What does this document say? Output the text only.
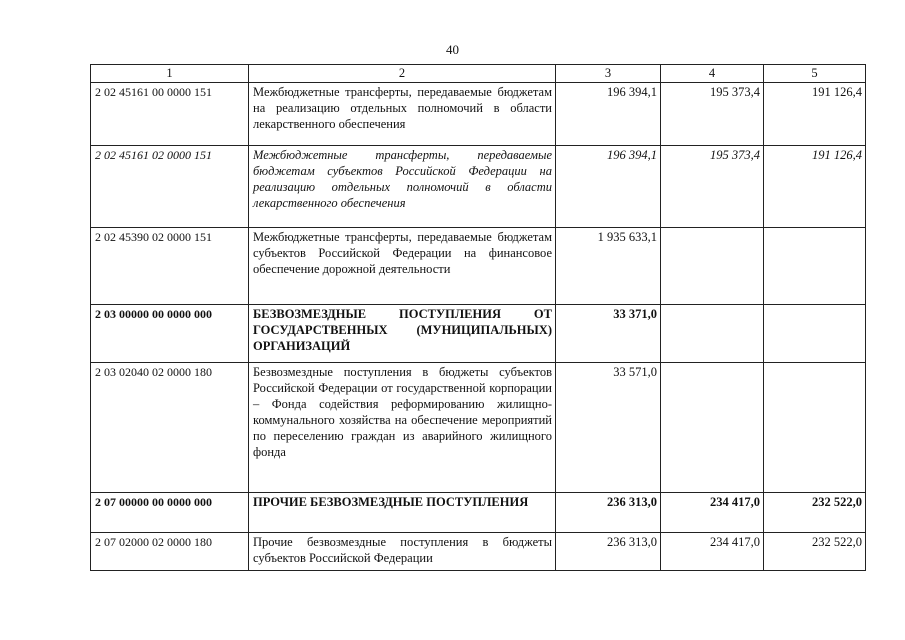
40
1	2	3	4	5
2 02 45161 00 0000 151	Межбюджетные трансферты, передаваемые бюджетам на реализацию отдельных полномочий в области лекарственного обеспечения	196 394,1	195 373,4	191 126,4
2 02 45161 02 0000 151	Межбюджетные трансферты, передаваемые бюджетам субъектов Российской Федерации на реализацию отдельных полномочий в области лекарственного обеспечения	196 394,1	195 373,4	191 126,4
2 02 45390 02 0000 151	Межбюджетные трансферты, передаваемые бюджетам субъектов Российской Федерации на финансовое обеспечение дорожной деятельности	1 935 633,1		
2 03 00000 00 0000 000	БЕЗВОЗМЕЗДНЫЕ ПОСТУПЛЕНИЯ ОТ ГОСУДАРСТВЕННЫХ (МУНИЦИПАЛЬНЫХ) ОРГАНИЗАЦИЙ	33 371,0		
2 03 02040 02 0000 180	Безвозмездные поступления в бюджеты субъектов Российской Федерации от государственной корпорации – Фонда содействия реформированию жилищно-коммунального хозяйства на обеспечение мероприятий по переселению граждан из аварийного жилищного фонда	33 571,0		
2 07 00000 00 0000 000	ПРОЧИЕ БЕЗВОЗМЕЗДНЫЕ ПОСТУПЛЕНИЯ	236 313,0	234 417,0	232 522,0
2 07 02000 02 0000 180	Прочие безвозмездные поступления в бюджеты субъектов Российской Федерации	236 313,0	234 417,0	232 522,0
